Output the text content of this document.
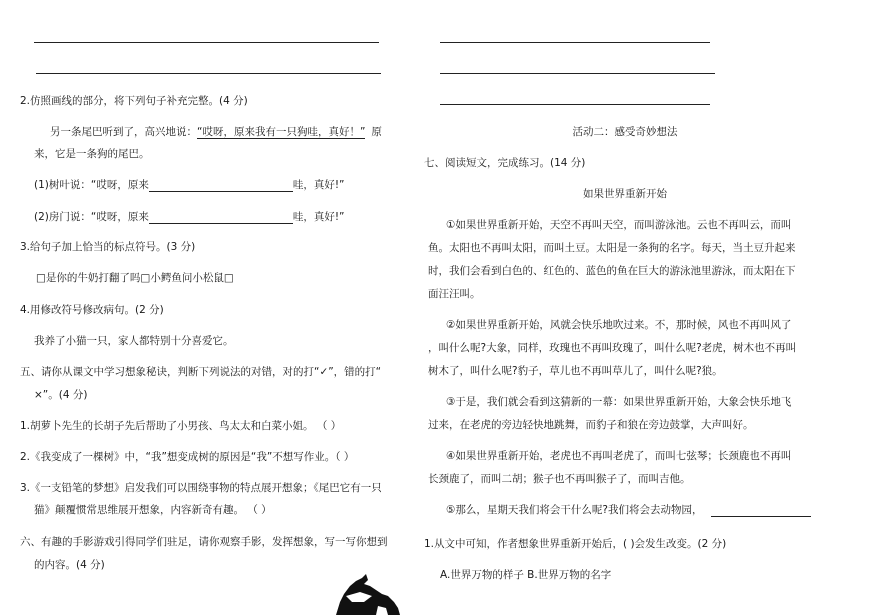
2.仿照画线的部分，将下列句子补充完整。(4 分)
另一条尾巴听到了，高兴地说：“哎呀，原来我有一只狗哇，真好！” 原
来，它是一条狗的尾巴。
(1)树叶说：“哎呀，原来	哇，真好!”
(2)房门说：“哎呀，原来	哇，真好!”
3.给句子加上恰当的标点符号。(3 分)
□是你的牛奶打翻了吗□小鳄鱼问小松鼠□
4.用修改符号修改病句。(2 分)
我养了小猫一只，家人都特别十分喜爱它。
五、请你从课文中学习想象秘诀，判断下列说法的对错，对的打“✓”，错的打“
×”。(4 分)
1.胡萝卜先生的长胡子先后帮助了小男孩、鸟太太和白菜小姐。 （ ）
2.《我变成了一棵树》中，“我”想变成树的原因是“我”不想写作业。（ ）
3.《一支铅笔的梦想》启发我们可以围绕事物的特点展开想象；《尾巴它有一只
猫》颠覆惯常思维展开想象，内容新奇有趣。 （ ）
六、有趣的手影游戏引得同学们驻足，请你观察手影，发挥想象，写一写你想到
的内容。(4 分)
活动二：感受奇妙想法
七、阅读短文，完成练习。(14 分)
如果世界重新开始
①如果世界重新开始，天空不再叫天空，而叫游泳池。云也不再叫云，而叫
鱼。太阳也不再叫太阳，而叫土豆。太阳是一条狗的名字。每天，当土豆升起来
时，我们会看到白色的、红色的、蓝色的鱼在巨大的游泳池里游泳，而太阳在下
面汪汪叫。
②如果世界重新开始，风就会快乐地吹过来。不，那时候，风也不再叫风了
，叫什么呢?大象，同样，玫瑰也不再叫玫瑰了，叫什么呢?老虎，树木也不再叫
树木了，叫什么呢?豹子，草儿也不再叫草儿了，叫什么呢?狼。
③于是，我们就会看到这猜新的一幕：如果世界重新开始，大象会快乐地飞
过来，在老虎的旁边轻快地跳舞，而豹子和狼在旁边鼓掌，大声叫好。
④如果世界重新开始，老虎也不再叫老虎了，而叫七弦琴；长颈鹿也不再叫
长颈鹿了，而叫二胡；猴子也不再叫猴子了，而叫吉他。
⑤那么，星期天我们将会干什么呢?我们将会去动物园，
1.从文中可知，作者想象世界重新开始后，( )会发生改变。(2 分)
A.世界万物的样子 B.世界万物的名字
